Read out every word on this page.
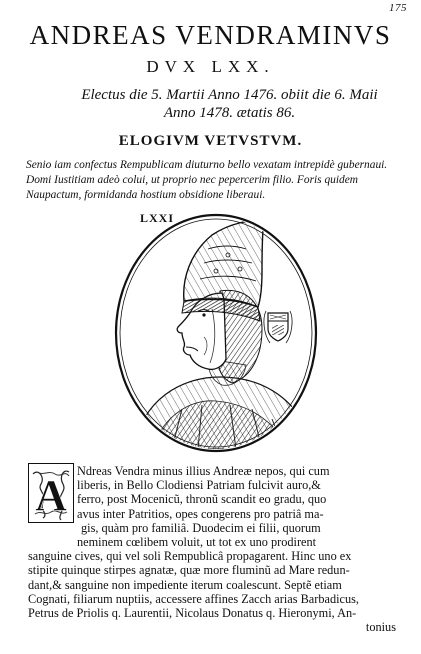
175
ANDREAS VENDRAMINVS
DVX LXX.
Electus die 5. Martii Anno 1476. obiit die 6. Maii
Anno 1478. ætatis 86.
ELOGIVM VETVSTVM.
Senio iam confectus Rempublicam diuturno bello vexatam intrepidè gubernaui.
Domi Iustitiam adeò colui, ut proprio nec pepercerim filio. Foris quidem
Naupactum, formidanda hostium obsidione liberaui.
LXXI
A Ndreas Vendra minus illius Andreæ nepos, qui cum
liberis, in Bello Clodiensi Patriam fulcivit auro,&
ferro, post Mocenicũ, thronũ scandit eo gradu, quo
avus inter Patritios, opes congerens pro patriâ ma-
gis, quàm pro familiâ. Duodecim ei filii, quorum
neminem cœlibem voluit, ut tot ex uno prodirent
sanguine cives, qui vel soli Rempublicâ propagarent. Hinc uno ex
stipite quinque stirpes agnatæ, quæ more fluminũ ad Mare redun-
dant,& sanguine non impediente iterum coalescunt. Septẽ etiam
Cognati, filiarum nuptiis, accessere affines Zacch arias Barbadicus,
Petrus de Priolis q. Laurentii, Nicolaus Donatus q. Hieronymi, An-
tonius
